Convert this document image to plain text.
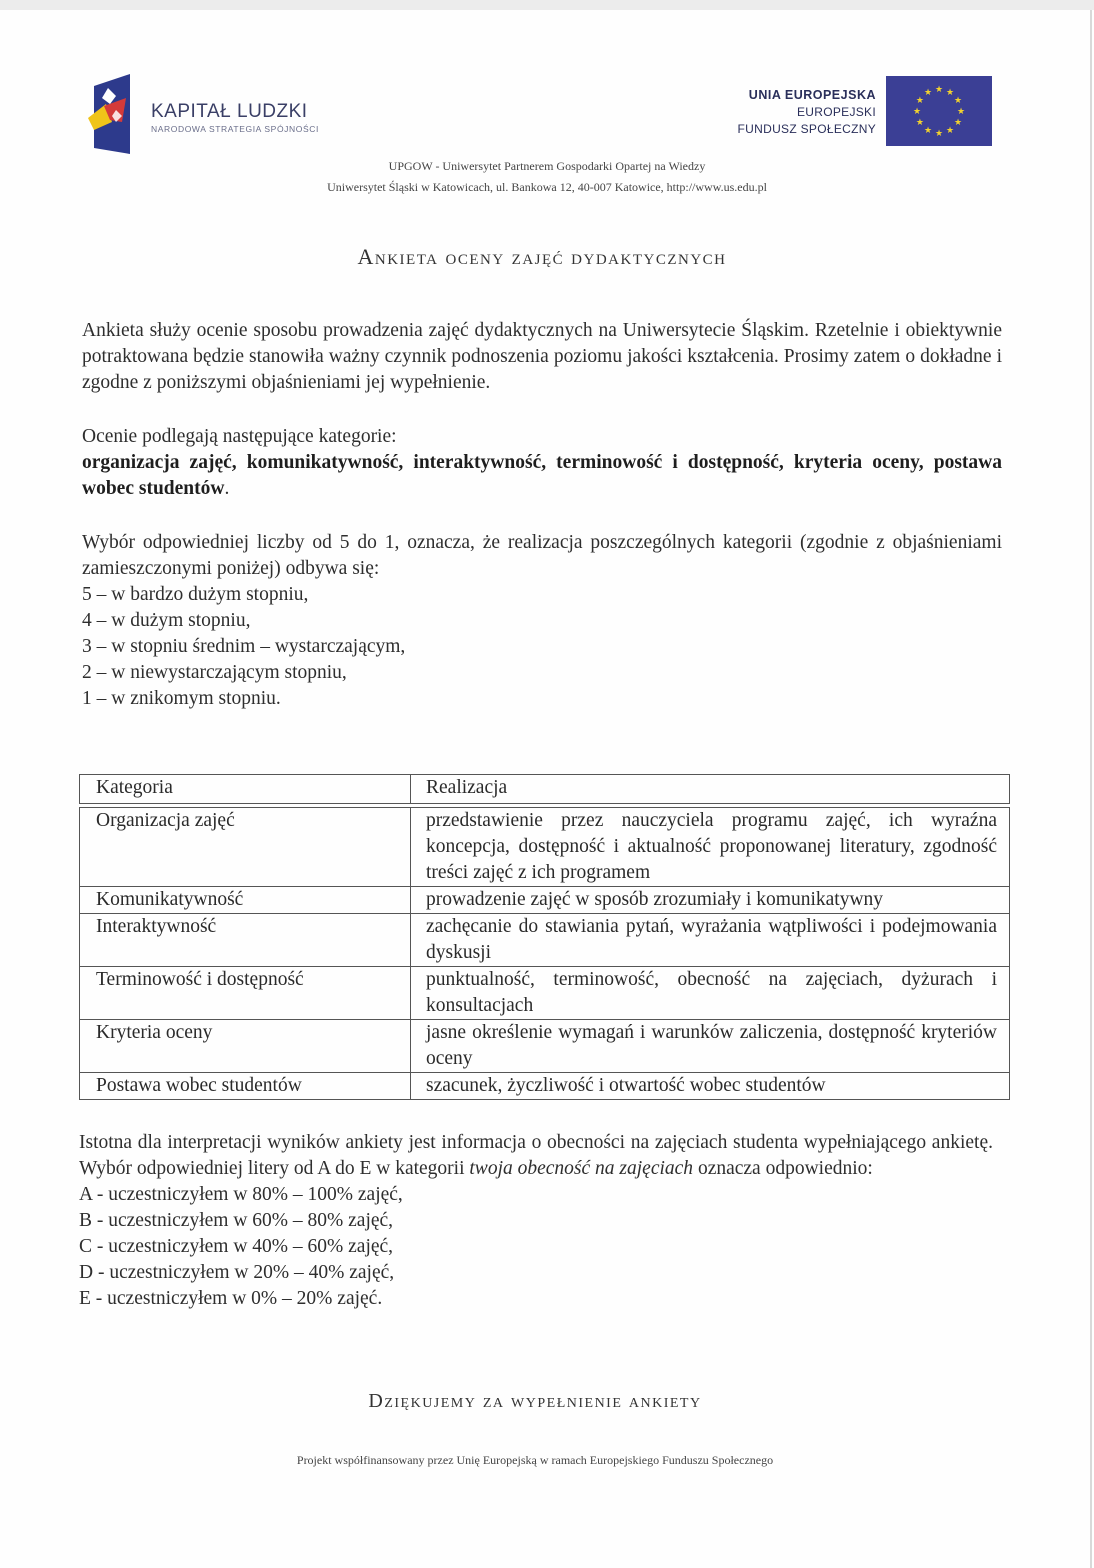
KAPITAŁ LUDZKI
NARODOWA STRATEGIA SPÓJNOŚCI
UNIA EUROPEJSKA
EUROPEJSKI
FUNDUSZ SPOŁECZNY
★ ★
★
★
★
★
★
★
★
★
★
★
UPGOW - Uniwersytet Partnerem Gospodarki Opartej na Wiedzy
Uniwersytet Śląski w Katowicach, ul. Bankowa 12, 40-007 Katowice, http://www.us.edu.pl
Ankieta oceny zajęć dydaktycznych
Ankieta służy ocenie sposobu prowadzenia zajęć dydaktycznych na Uniwersytecie Śląskim. Rzetelnie i obiektywnie potraktowana będzie stanowiła ważny czynnik podnoszenia poziomu jakości kształcenia. Prosimy zatem o dokładne i zgodne z poniższymi objaśnieniami jej wypełnienie.
Ocenie podlegają następujące kategorie:
organizacja zajęć, komunikatywność, interaktywność, terminowość i dostępność, kryteria oceny, postawa wobec studentów.
Wybór odpowiedniej liczby od 5 do 1, oznacza, że realizacja poszczególnych kategorii (zgodnie z objaśnieniami zamieszczonymi poniżej) odbywa się:
5 – w bardzo dużym stopniu,
4 – w dużym stopniu,
3 – w stopniu średnim – wystarczającym,
2 – w niewystarczającym stopniu,
1 – w znikomym stopniu.
Kategoria	Realizacja
Organizacja zajęć	przedstawienie przez nauczyciela programu zajęć, ich wyraźna koncepcja, dostępność i aktualność proponowanej literatury, zgodność treści zajęć z ich programem
Komunikatywność	prowadzenie zajęć w sposób zrozumiały i komunikatywny
Interaktywność	zachęcanie do stawiania pytań, wyrażania wątpliwości i podejmowania dyskusji
Terminowość i dostępność	punktualność, terminowość, obecność na zajęciach, dyżurach i konsultacjach
Kryteria oceny	jasne określenie wymagań i warunków zaliczenia, dostępność kryteriów oceny
Postawa wobec studentów	szacunek, życzliwość i otwartość wobec studentów
Istotna dla interpretacji wyników ankiety jest informacja o obecności na zajęciach studenta wypełniającego ankietę. Wybór odpowiedniej litery od A do E w kategorii twoja obecność na zajęciach oznacza odpowiednio:
A - uczestniczyłem w 80% – 100% zajęć,
B - uczestniczyłem w 60% – 80% zajęć,
C - uczestniczyłem w 40% – 60% zajęć,
D - uczestniczyłem w 20% – 40% zajęć,
E - uczestniczyłem w 0% – 20% zajęć.
Dziękujemy za wypełnienie ankiety
Projekt współfinansowany przez Unię Europejską w ramach Europejskiego Funduszu Społecznego
